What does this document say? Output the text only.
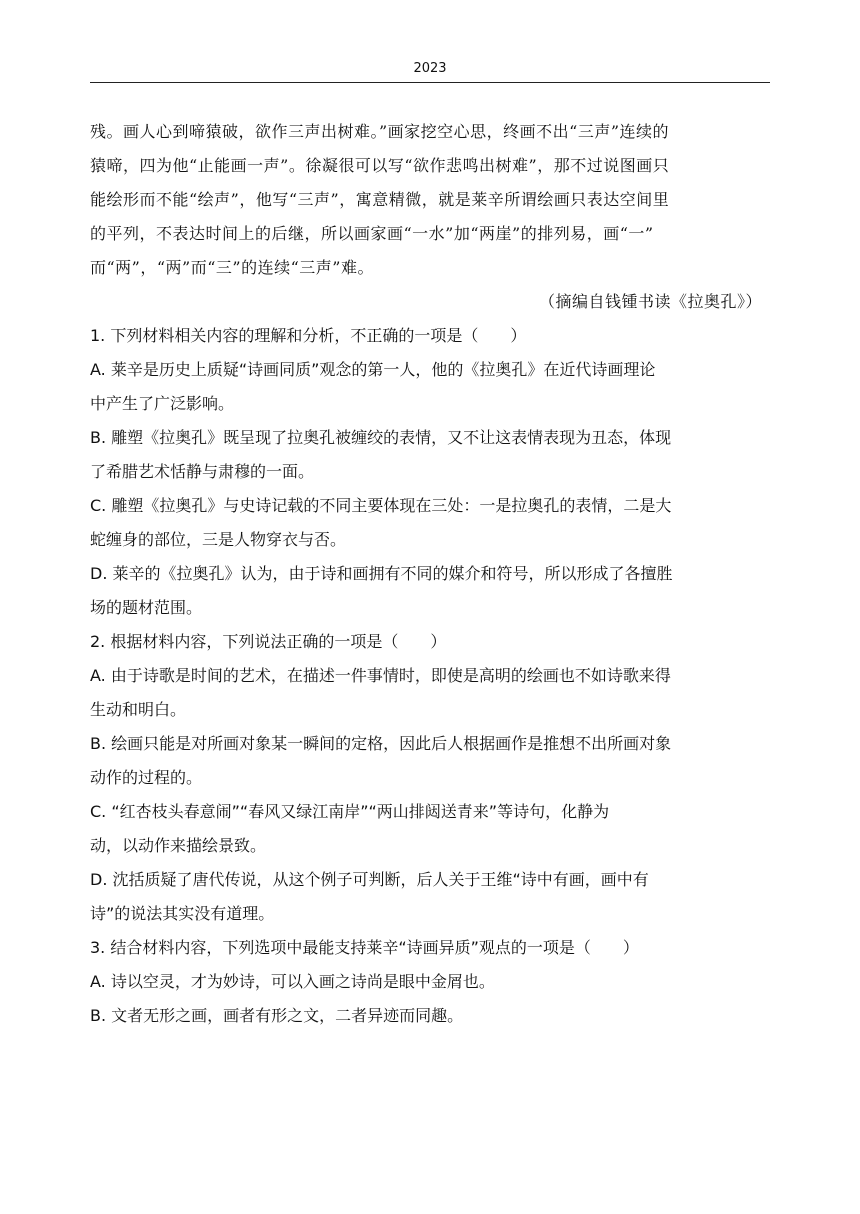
2023
残。画人心到啼猿破，欲作三声出树难。”画家挖空心思，终画不出“三声”连续的
猿啼，四为他“止能画一声”。徐凝很可以写“欲作悲鸣出树难”，那不过说图画只
能绘形而不能“绘声”，他写“三声”，寓意精微，就是莱辛所谓绘画只表达空间里
的平列，不表达时间上的后继，所以画家画“一水”加“两崖”的排列易，画“一”
而“两”，“两”而“三”的连续“三声”难。
（摘编自钱锺书读《拉奥孔》）
1. 下列材料相关内容的理解和分析，不正确的一项是（　　）
A. 莱辛是历史上质疑“诗画同质”观念的第一人，他的《拉奥孔》在近代诗画理论
中产生了广泛影响。
B. 雕塑《拉奥孔》既呈现了拉奥孔被缠绞的表情，又不让这表情表现为丑态，体现
了希腊艺术恬静与肃穆的一面。
C. 雕塑《拉奥孔》与史诗记载的不同主要体现在三处：一是拉奥孔的表情，二是大
蛇缠身的部位，三是人物穿衣与否。
D. 莱辛的《拉奥孔》认为，由于诗和画拥有不同的媒介和符号，所以形成了各擅胜
场的题材范围。
2. 根据材料内容，下列说法正确的一项是（　　）
A. 由于诗歌是时间的艺术，在描述一件事情时，即使是高明的绘画也不如诗歌来得
生动和明白。
B. 绘画只能是对所画对象某一瞬间的定格，因此后人根据画作是推想不出所画对象
动作的过程的。
C. “红杏枝头春意闹”“春风又绿江南岸”“两山排闼送青来”等诗句，化静为
动，以动作来描绘景致。
D. 沈括质疑了唐代传说，从这个例子可判断，后人关于王维“诗中有画，画中有
诗”的说法其实没有道理。
3. 结合材料内容，下列选项中最能支持莱辛“诗画异质”观点的一项是（　　）
A. 诗以空灵，才为妙诗，可以入画之诗尚是眼中金屑也。
B. 文者无形之画，画者有形之文，二者异迹而同趣。
